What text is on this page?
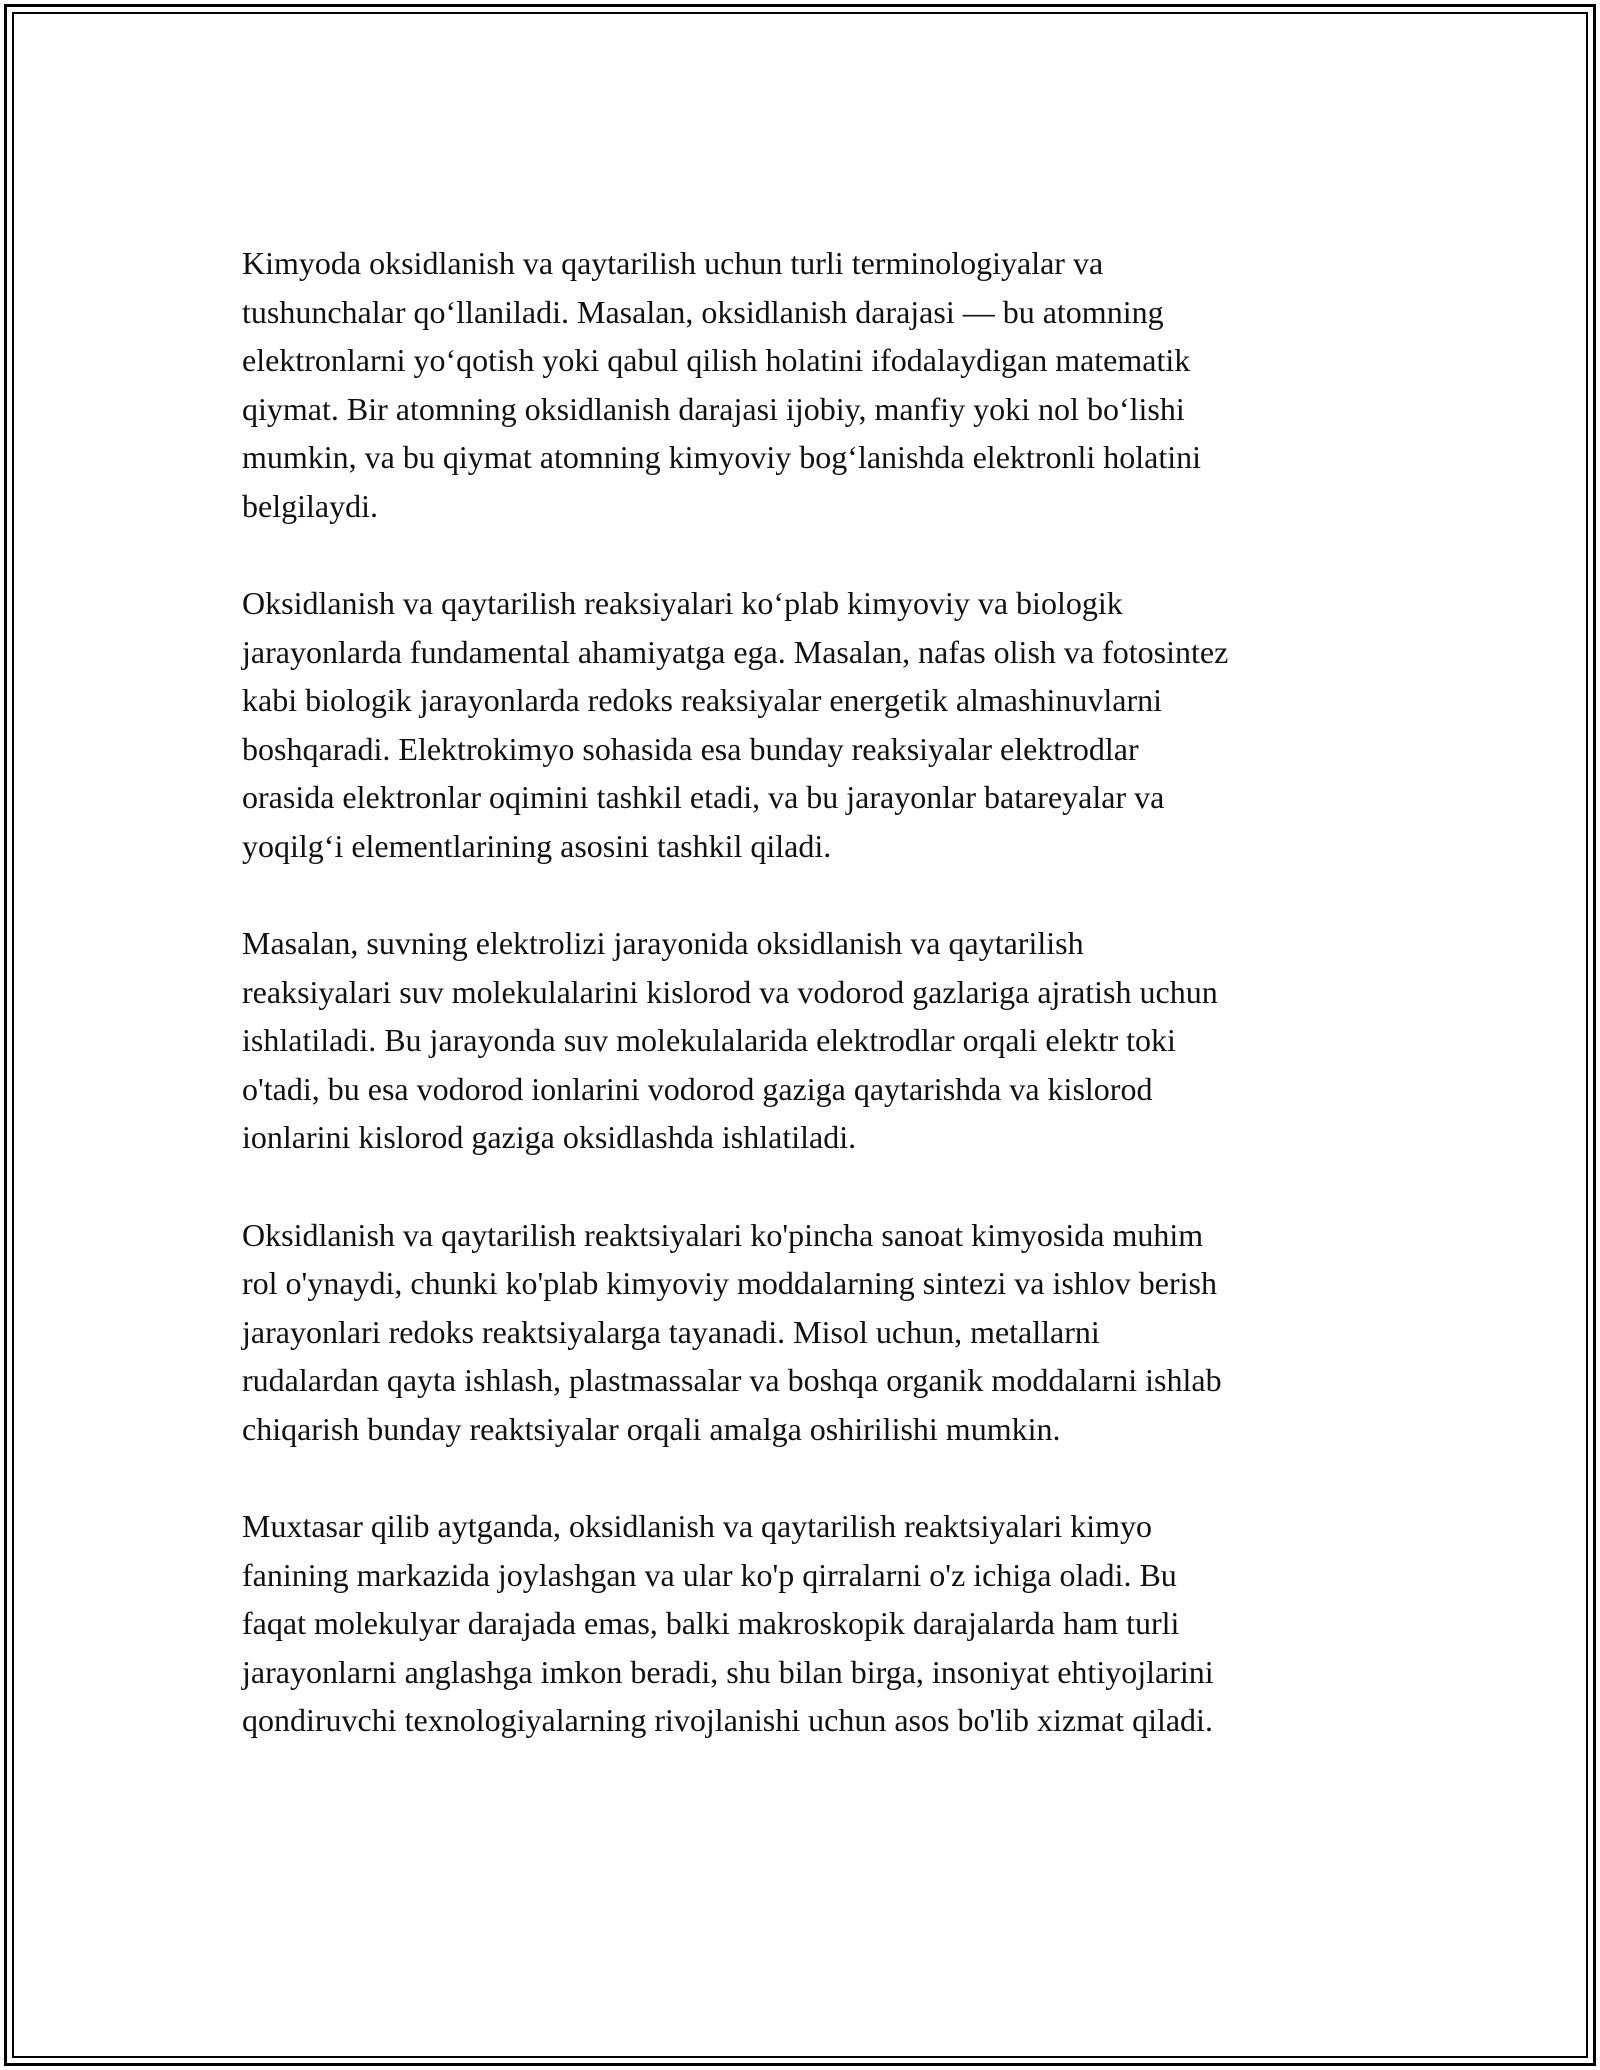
Kimyoda oksidlanish va qaytarilish uchun turli terminologiyalar va
tushunchalar qo‘llaniladi. Masalan, oksidlanish darajasi — bu atomning
elektronlarni yo‘qotish yoki qabul qilish holatini ifodalaydigan matematik
qiymat. Bir atomning oksidlanish darajasi ijobiy, manfiy yoki nol bo‘lishi
mumkin, va bu qiymat atomning kimyoviy bog‘lanishda elektronli holatini
belgilaydi.

Oksidlanish va qaytarilish reaksiyalari ko‘plab kimyoviy va biologik
jarayonlarda fundamental ahamiyatga ega. Masalan, nafas olish va fotosintez
kabi biologik jarayonlarda redoks reaksiyalar energetik almashinuvlarni
boshqaradi. Elektrokimyo sohasida esa bunday reaksiyalar elektrodlar
orasida elektronlar oqimini tashkil etadi, va bu jarayonlar batareyalar va
yoqilg‘i elementlarining asosini tashkil qiladi.

Masalan, suvning elektrolizi jarayonida oksidlanish va qaytarilish
reaksiyalari suv molekulalarini kislorod va vodorod gazlariga ajratish uchun
ishlatiladi. Bu jarayonda suv molekulalarida elektrodlar orqali elektr toki
o'tadi, bu esa vodorod ionlarini vodorod gaziga qaytarishda va kislorod
ionlarini kislorod gaziga oksidlashda ishlatiladi.

Oksidlanish va qaytarilish reaktsiyalari ko'pincha sanoat kimyosida muhim
rol o'ynaydi, chunki ko'plab kimyoviy moddalarning sintezi va ishlov berish
jarayonlari redoks reaktsiyalarga tayanadi. Misol uchun, metallarni
rudalardan qayta ishlash, plastmassalar va boshqa organik moddalarni ishlab
chiqarish bunday reaktsiyalar orqali amalga oshirilishi mumkin.

Muxtasar qilib aytganda, oksidlanish va qaytarilish reaktsiyalari kimyo
fanining markazida joylashgan va ular ko'p qirralarni o'z ichiga oladi. Bu
faqat molekulyar darajada emas, balki makroskopik darajalarda ham turli
jarayonlarni anglashga imkon beradi, shu bilan birga, insoniyat ehtiyojlarini
qondiruvchi texnologiyalarning rivojlanishi uchun asos bo'lib xizmat qiladi.
